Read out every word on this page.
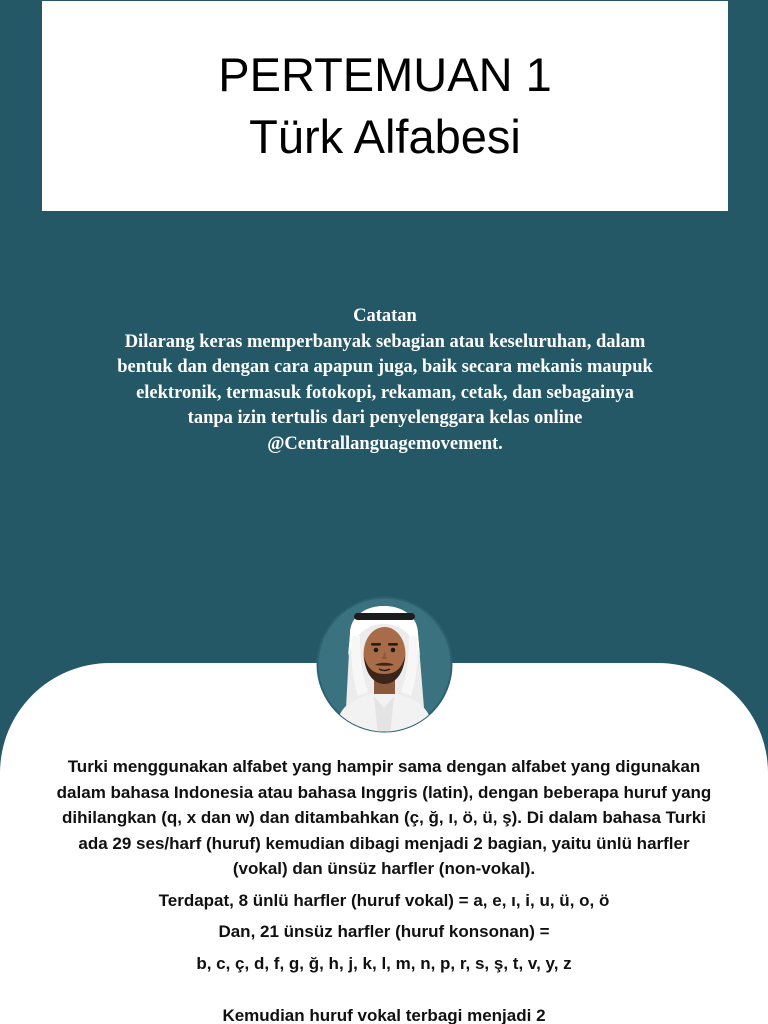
PERTEMUAN 1
Türk Alfabesi
Catatan
Dilarang keras memperbanyak sebagian atau keseluruhan, dalam
bentuk dan dengan cara apapun juga, baik secara mekanis maupuk
elektronik, termasuk fotokopi, rekaman, cetak, dan sebagainya
tanpa izin tertulis dari penyelenggara kelas online
@Centrallanguagemovement.

Turki menggunakan alfabet yang hampir sama dengan alfabet yang digunakan

dalam bahasa Indonesia atau bahasa Inggris (latin), dengan beberapa huruf yang

dihilangkan (q, x dan w) dan ditambahkan (ç, ğ, ı, ö, ü, ş). Di dalam bahasa Turki

ada 29 ses/harf (huruf) kemudian dibagi menjadi 2 bagian, yaitu ünlü harfler

(vokal) dan ünsüz harfler (non-vokal).

Terdapat, 8 ünlü harfler (huruf vokal) = a, e, ı, i, u, ü, o, ö

Dan, 21 ünsüz harfler (huruf konsonan) =

b, c, ç, d, f, g, ğ, h, j, k, l, m, n, p, r, s, ş, t, v, y, z

Kemudian huruf vokal terbagi menjadi 2
